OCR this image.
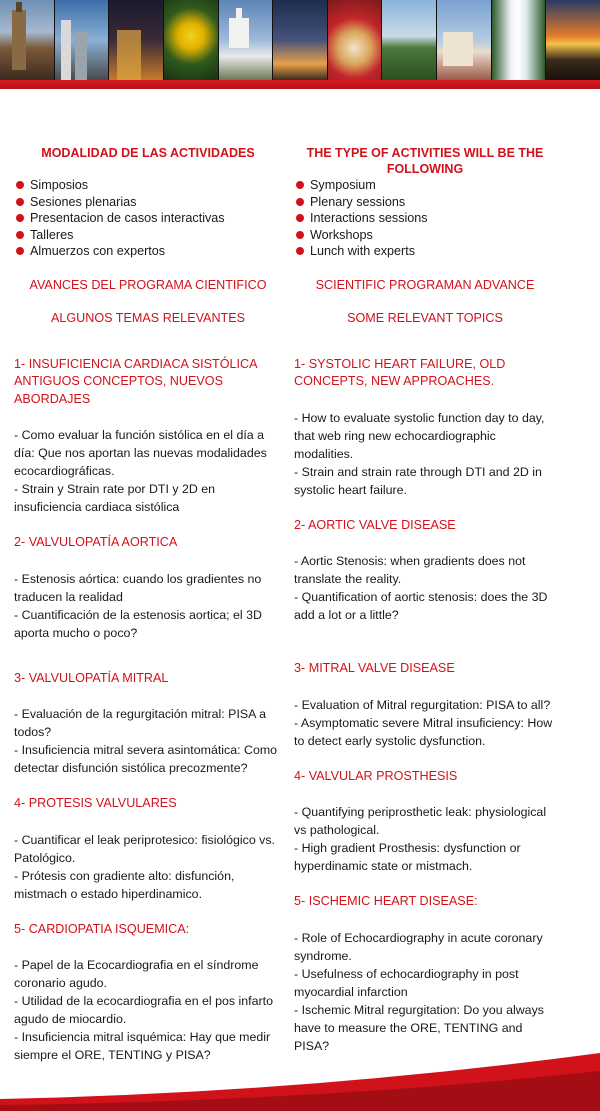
MODALIDAD DE LAS ACTIVIDADES
Simposios
Sesiones plenarias
Presentacion de casos interactivas
Talleres
Almuerzos con expertos
AVANCES DEL PROGRAMA CIENTIFICO
ALGUNOS TEMAS RELEVANTES
1- INSUFICIENCIA CARDIACA SISTÓLICA ANTIGUOS CONCEPTOS, NUEVOS ABORDAJES
- Como evaluar la función sistólica en el día a día: Que nos aportan las nuevas modalidades ecocardiográficas.
- Strain y Strain rate por DTI y 2D en insuficiencia cardiaca sistólica
2- VALVULOPATÍA AORTICA
- Estenosis aórtica: cuando los gradientes no traducen la realidad
- Cuantificación de la estenosis aortica; el 3D aporta mucho o poco?
3- VALVULOPATÍA MITRAL
- Evaluación de la regurgitación mitral: PISA a todos?
- Insuficiencia mitral severa asintomática: Como detectar disfunción sistólica precozmente?
4- PROTESIS VALVULARES
- Cuantificar el leak periprotesico: fisiológico vs. Patológico.
- Prótesis con gradiente alto: disfunción, mistmach o estado hiperdinamico.
5- CARDIOPATIA ISQUEMICA:
- Papel de la Ecocardiografia en el síndrome coronario agudo.
- Utilidad de la ecocardiografia en el pos infarto agudo de miocardio.
- Insuficiencia mitral isquémica: Hay que medir siempre el ORE, TENTING y PISA?
THE TYPE OF ACTIVITIES WILL BE THE FOLLOWING
Symposium
Plenary sessions
Interactions sessions
Workshops
Lunch with experts
SCIENTIFIC PROGRAMAN ADVANCE
SOME RELEVANT TOPICS
1- SYSTOLIC HEART FAILURE, OLD CONCEPTS, NEW APPROACHES.
- How to evaluate systolic function day to day, that web ring new echocardiographic modalities.
- Strain and strain rate through DTI and 2D in systolic heart failure.
2- AORTIC VALVE DISEASE
- Aortic Stenosis: when gradients does not translate the reality.
- Quantification of aortic stenosis: does the 3D add a lot or a little?
3- MITRAL VALVE DISEASE
- Evaluation of Mitral regurgitation: PISA to all?
- Asymptomatic severe Mitral insuficiency: How to detect early systolic dysfunction.
4- VALVULAR PROSTHESIS
- Quantifying periprosthetic leak: physiological vs pathological.
- High gradient Prosthesis: dysfunction or hyperdinamic state or mistmach.
5- ISCHEMIC HEART DISEASE:
- Role of Echocardiography in acute coronary syndrome.
- Usefulness of echocardiography in post myocardial infarction
- Ischemic Mitral regurgitation: Do you always have to measure the ORE, TENTING and PISA?
